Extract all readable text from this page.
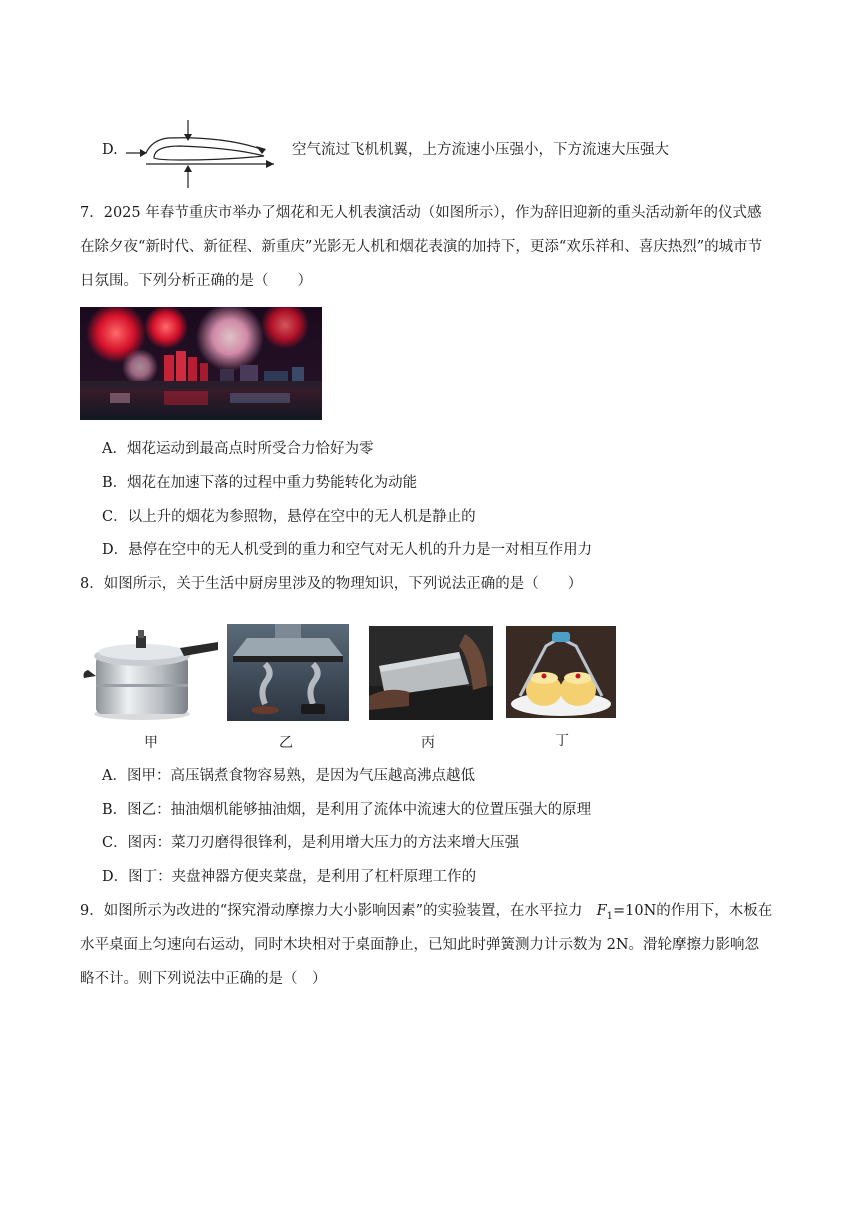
D.	空气流过飞机机翼，上方流速小压强小，下方流速大压强大
7．2025 年春节重庆市举办了烟花和无人机表演活动（如图所示），作为辞旧迎新的重头活动新年的仪式感
在除夕夜“新时代、新征程、新重庆”光影无人机和烟花表演的加持下，更添“欢乐祥和、喜庆热烈”的城市节
日氛围。下列分析正确的是（　　）
A．烟花运动到最高点时所受合力恰好为零
B．烟花在加速下落的过程中重力势能转化为动能
C．以上升的烟花为参照物，悬停在空中的无人机是静止的
D．悬停在空中的无人机受到的重力和空气对无人机的升力是一对相互作用力
8．如图所示，关于生活中厨房里涉及的物理知识，下列说法正确的是（　　）
甲	乙	丙	丁
A．图甲：高压锅煮食物容易熟，是因为气压越高沸点越低
B．图乙：抽油烟机能够抽油烟，是利用了流体中流速大的位置压强大的原理
C．图丙：菜刀刃磨得很锋利，是利用增大压力的方法来增大压强
D．图丁：夹盘神器方便夹菜盘，是利用了杠杆原理工作的
9．如图所示为改进的“探究滑动摩擦力大小影响因素”的实验装置，在水平拉力 $F_1=10N$的作用下，木板在
水平桌面上匀速向右运动，同时木块相对于桌面静止，已知此时弹簧测力计示数为 2N。滑轮摩擦力影响忽
略不计。则下列说法中正确的是（　）
